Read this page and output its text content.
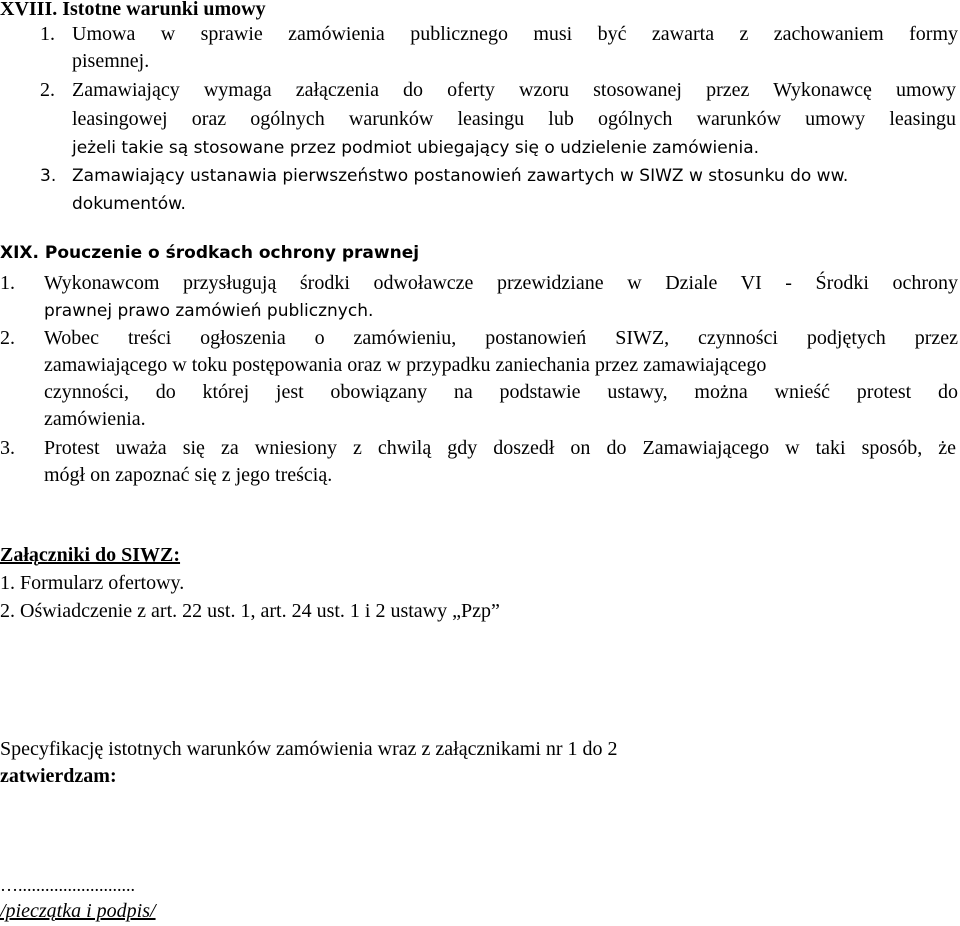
XVIII. Istotne warunki umowy
1. Umowa w sprawie zamówienia publicznego musi być zawarta z zachowaniem formy
pisemnej.
2. Zamawiający wymaga załączenia do oferty wzoru stosowanej przez Wykonawcę umowy
leasingowej oraz ogólnych warunków leasingu lub ogólnych warunków umowy leasingu
jeżeli takie są stosowane przez podmiot ubiegający się o udzielenie zamówienia.
3. Zamawiający ustanawia pierwszeństwo postanowień zawartych w SIWZ w stosunku do ww.
dokumentów.
XIX. Pouczenie o środkach ochrony prawnej
1.	Wykonawcom przysługują środki odwoławcze przewidziane w Dziale VI - Środki ochrony
prawnej prawo zamówień publicznych.
2.	Wobec treści ogłoszenia o zamówieniu, postanowień SIWZ, czynności podjętych przez
zamawiającego w toku postępowania oraz w przypadku zaniechania przez zamawiającego
czynności, do której jest obowiązany na podstawie ustawy, można wnieść protest do
zamówienia.
3.	Protest uważa się za wniesiony z chwilą gdy doszedł on do Zamawiającego w taki sposób, że
mógł on zapoznać się z jego treścią.
Załączniki do SIWZ:
1. Formularz ofertowy.
2. Oświadczenie z art. 22 ust. 1, art. 24 ust. 1 i 2 ustawy „Pzp”
Specyfikację istotnych warunków zamówienia wraz z załącznikami nr 1 do 2
zatwierdzam:
…..........................
/pieczątka i podpis/
